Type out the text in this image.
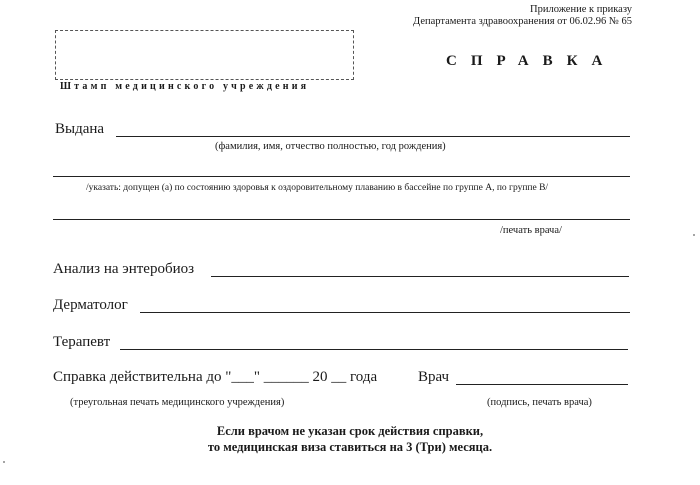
Приложение к приказу
Департамента здравоохранения от 06.02.96 № 65
Штамп медицинского учреждения
СПРАВКА
Выдана
(фамилия, имя, отчество полностью, год рождения)
/указать: допущен (а) по состоянию здоровья к оздоровительному плаванию в бассейне по группе А, по группе В/
/печать врача/
Анализ на энтеробиоз
Дерматолог
Терапевт
Справка действительна до "___" ______ 20 __ года	Врач
(треугольная печать медицинского учреждения)	(подпись, печать врача)
Если врачом не указан срок действия справки,
то медицинская виза ставиться на 3 (Три) месяца.
